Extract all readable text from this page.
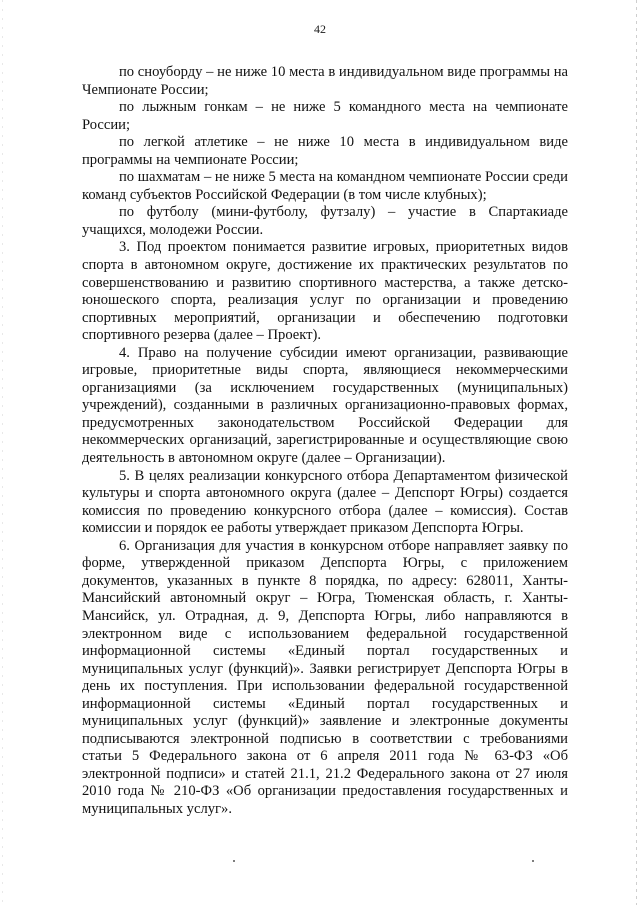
42

по сноуборду – не ниже 10 места в индивидуальном виде программы на Чемпионате России;

по лыжным гонкам – не ниже 5 командного места на чемпионате России;

по легкой атлетике – не ниже 10 места в индивидуальном виде программы на чемпионате России;

по шахматам – не ниже 5 места на командном чемпионате России среди команд субъектов Российской Федерации (в том числе клубных);

по футболу (мини-футболу, футзалу) – участие в Спартакиаде учащихся, молодежи России.

3. Под проектом понимается развитие игровых, приоритетных видов спорта в автономном округе, достижение их практических результатов по совершенствованию и развитию спортивного мастерства, а также детско-юношеского спорта, реализация услуг по организации и проведению спортивных мероприятий, организации и обеспечению подготовки спортивного резерва (далее – Проект).

4. Право на получение субсидии имеют организации, развивающие игровые, приоритетные виды спорта, являющиеся некоммерческими организациями (за исключением государственных (муниципальных) учреждений), созданными в различных организационно-правовых формах, предусмотренных законодательством Российской Федерации для некоммерческих организаций, зарегистрированные и осуществляющие свою деятельность в автономном округе (далее – Организации).

5. В целях реализации конкурсного отбора Департаментом физической культуры и спорта автономного округа (далее – Депспорт Югры) создается комиссия по проведению конкурсного отбора (далее – комиссия). Состав комиссии и порядок ее работы утверждает приказом Депспорта Югры.

6. Организация для участия в конкурсном отборе направляет заявку по форме, утвержденной приказом Депспорта Югры, с приложением документов, указанных в пункте 8 порядка, по адресу: 628011, Ханты-Мансийский автономный округ – Югра, Тюменская область, г. Ханты-Мансийск, ул. Отрадная, д. 9, Депспорта Югры, либо направляются в электронном виде с использованием федеральной государственной информационной системы «Единый портал государственных и муниципальных услуг (функций)». Заявки регистрирует Депспорта Югры в день их поступления. При использовании федеральной государственной информационной системы «Единый портал государственных и муниципальных услуг (функций)» заявление и электронные документы подписываются электронной подписью в соответствии с требованиями статьи 5 Федерального закона от 6 апреля 2011 года № 63-ФЗ «Об электронной подписи» и статей 21.1, 21.2 Федерального закона от 27 июля 2010 года № 210-ФЗ «Об организации предоставления государственных и муниципальных услуг».
